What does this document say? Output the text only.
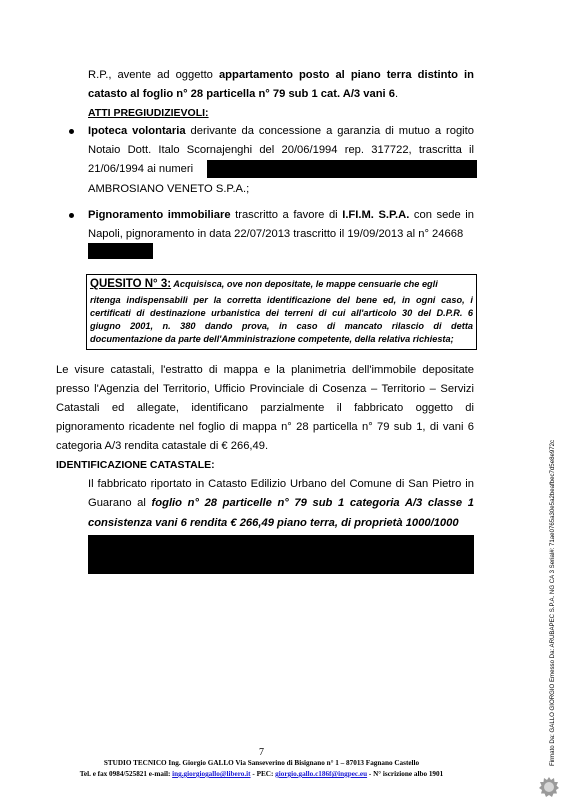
R.P., avente ad oggetto appartamento posto al piano terra distinto in
catasto al foglio n° 28 particella n° 79 sub 1 cat. A/3 vani 6.
ATTI PREGIUDIZIEVOLI:
Ipoteca volontaria derivante da concessione a garanzia di mutuo a rogito
Notaio Dott. Italo Scornajenghi del 20/06/1994 rep. 317722, trascritta il
21/06/1994 ai numeri
AMBROSIANO VENETO S.P.A.;
Pignoramento immobiliare trascritto a favore di I.FI.M. S.P.A. con sede in
Napoli, pignoramento in data 22/07/2013 trascritto il 19/09/2013 al n° 24668
QUESITO N° 3: Acquisisca, ove non depositate, le mappe censuarie che egli
ritenga indispensabili per la corretta identificazione del bene ed, in ogni caso, i
certificati di destinazione urbanistica dei terreni di cui all'articolo 30 del D.P.R. 6
giugno 2001, n. 380 dando prova, in caso di mancato rilascio di detta
documentazione da parte dell'Amministrazione competente, della relativa richiesta;
Le visure catastali, l'estratto di mappa e la planimetria dell'immobile depositate
presso l'Agenzia del Territorio, Ufficio Provinciale di Cosenza – Territorio – Servizi
Catastali ed allegate, identificano parzialmente il fabbricato oggetto di
pignoramento ricadente nel foglio di mappa n° 28 particella n° 79 sub 1, di vani 6
categoria A/3 rendita catastale di € 266,49.
IDENTIFICAZIONE CATASTALE:
Il fabbricato riportato in Catasto Edilizio Urbano del Comune di San Pietro in
Guarano al foglio n° 28 particelle n° 79 sub 1 categoria A/3 classe 1
consistenza vani 6 rendita € 266,49 piano terra, di proprietà 1000/1000
7
STUDIO TECNICO Ing. Giorgio GALLO Via Sanseverino di Bisignano n° 1 – 87013 Fagnano Castello
Tel. e fax 0984/525821 e-mail: ing.giorgiogallo@libero.it - PEC: giorgio.gallo.c186f@ingpec.eu - N° iscrizione albo 1901
Firmato Da: GALLO GIORGIO Emesso Da: ARUBAPEC S.P.A. NG CA 3 Serial#: 71ae0765a30e5a2beafbec7d5e8e972c
